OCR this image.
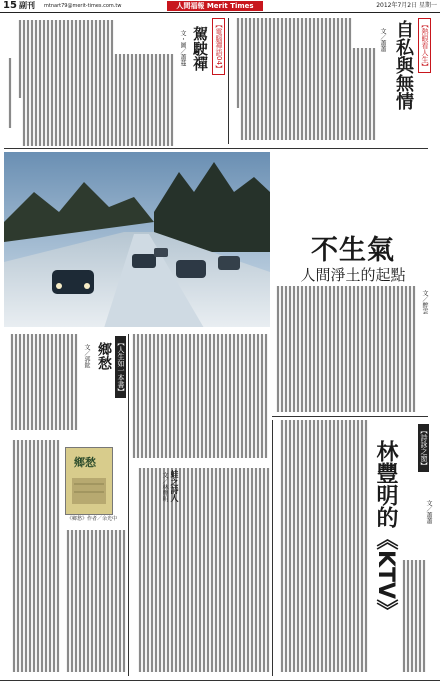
15 副刊 mtnart79@merit-times.com.tw	人間福報 Merit Times	2012年7月2日 星期一
【熱眼看人生】
自私與無情
文／蕭蕭
【電腦禪語04】
駕駛禪
文・圖／蕭蔓
不生氣
人間淨土的起點
文／醉雲
【人生如一本書】
鄉愁
文／郭鋐
鄉愁
《鄉愁》作者／余光中
蛙之詩人
文／林豐明
【詩詠之窗】
林豐明的《KTV》	文／蕭蕭
